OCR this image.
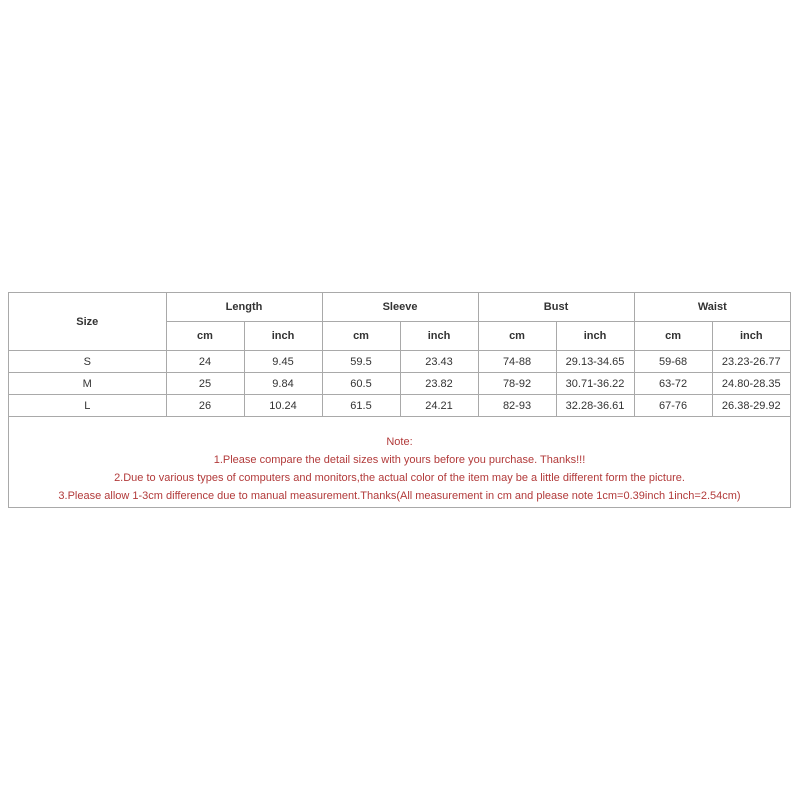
Size	Length		Sleeve		Bust		Waist	
	cm	inch	cm	inch	cm	inch	cm	inch
S	24	9.45	59.5	23.43	74-88	29.13-34.65	59-68	23.23-26.77
M	25	9.84	60.5	23.82	78-92	30.71-36.22	63-72	24.80-28.35
L	26	10.24	61.5	24.21	82-93	32.28-36.61	67-76	26.38-29.92
Note:
1.Please compare the detail sizes with yours before you purchase. Thanks!!!
2.Due to various types of computers and monitors,the actual color of the item may be a little different form the picture.
3.Please allow 1-3cm difference due to manual measurement.Thanks(All measurement in cm and please note 1cm=0.39inch 1inch=2.54cm)
